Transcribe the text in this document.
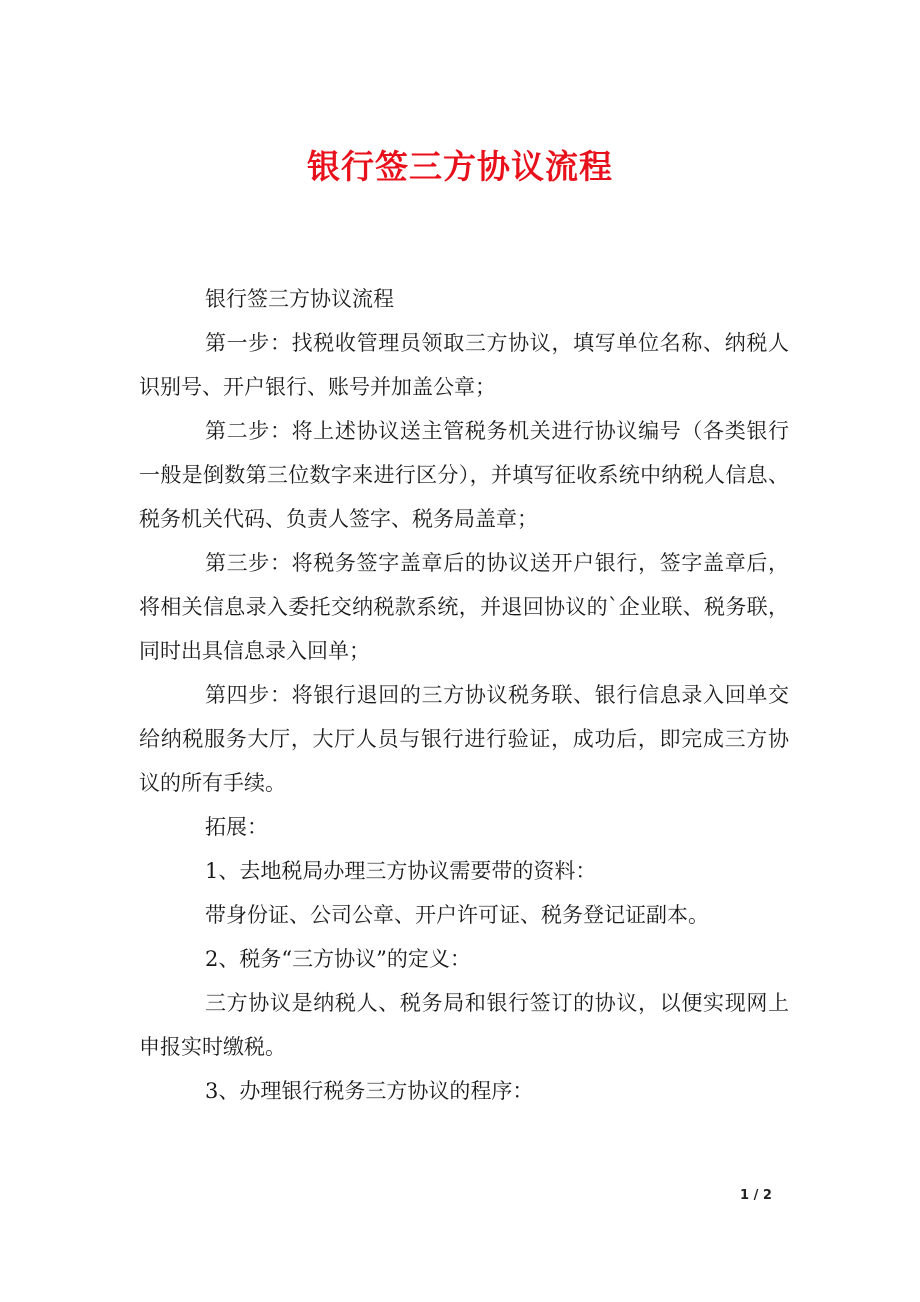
银行签三方协议流程

银行签三方协议流程

第一步：找税收管理员领取三方协议，填写单位名称、纳税人识别号、开户银行、账号并加盖公章；

第二步：将上述协议送主管税务机关进行协议编号（各类银行一般是倒数第三位数字来进行区分），并填写征收系统中纳税人信息、税务机关代码、负责人签字、税务局盖章；

第三步：将税务签字盖章后的协议送开户银行，签字盖章后，将相关信息录入委托交纳税款系统，并退回协议的`企业联、税务联，同时出具信息录入回单；

第四步：将银行退回的三方协议税务联、银行信息录入回单交给纳税服务大厅，大厅人员与银行进行验证，成功后，即完成三方协议的所有手续。

拓展：

1、去地税局办理三方协议需要带的资料：

带身份证、公司公章、开户许可证、税务登记证副本。

2、税务“三方协议”的定义：

三方协议是纳税人、税务局和银行签订的协议，以便实现网上申报实时缴税。

3、办理银行税务三方协议的程序：

1 / 2
